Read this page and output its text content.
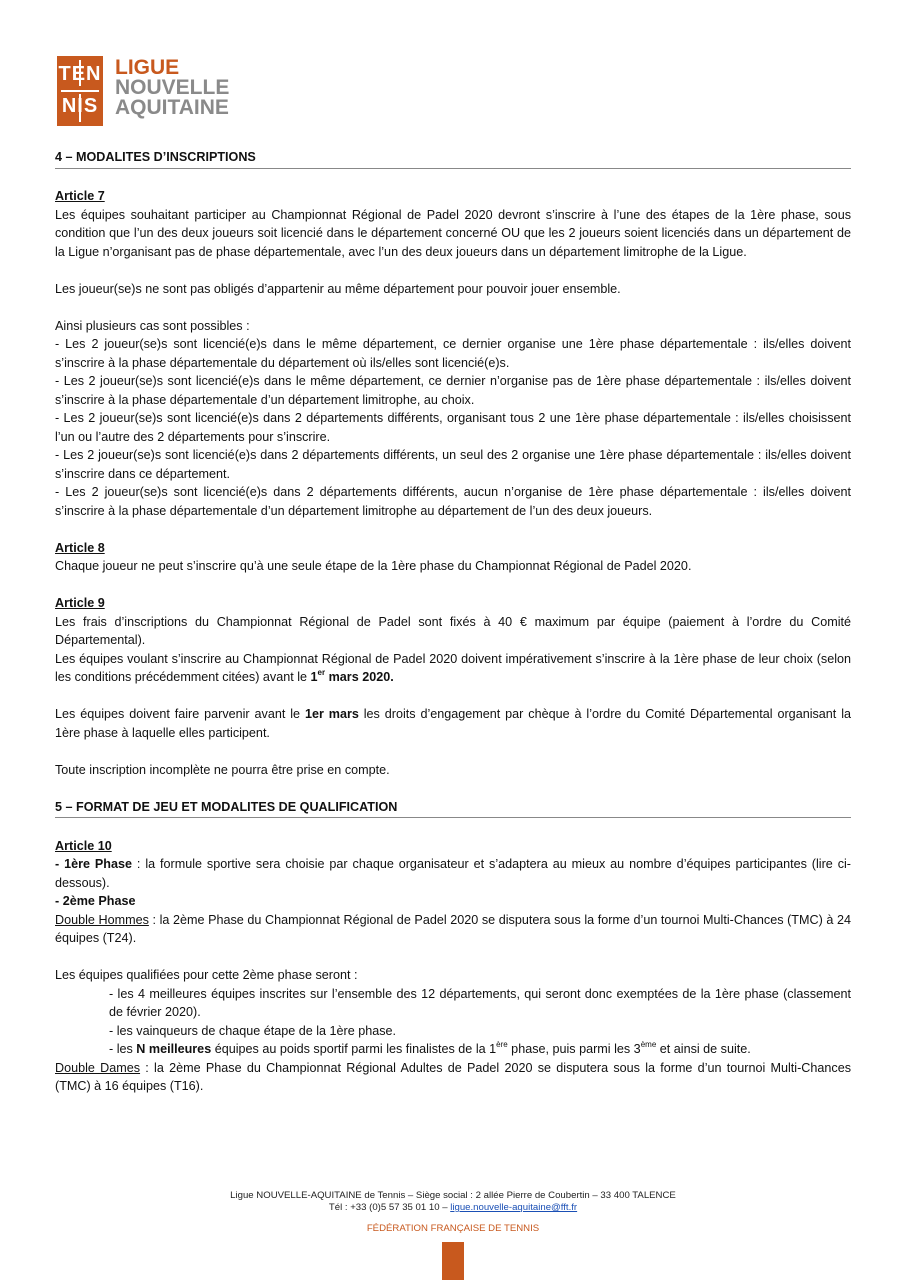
TEN
NIS
LIGUE
NOUVELLE
AQUITAINE

4 – MODALITES D’INSCRIPTIONS

Article 7

Les équipes souhaitant participer au Championnat Régional de Padel 2020 devront s’inscrire à l’une des étapes de la 1ère phase, sous condition que l’un des deux joueurs soit licencié dans le département concerné OU que les 2 joueurs soient licenciés dans un département de la Ligue n’organisant pas de phase départementale, avec l’un des deux joueurs dans un département limitrophe de la Ligue.

Les joueur(se)s ne sont pas obligés d’appartenir au même département pour pouvoir jouer ensemble.

Ainsi plusieurs cas sont possibles :

- Les 2 joueur(se)s sont licencié(e)s dans le même département, ce dernier organise une 1ère phase départementale : ils/elles doivent s’inscrire à la phase départementale du département où ils/elles sont licencié(e)s.

- Les 2 joueur(se)s sont licencié(e)s dans le même département, ce dernier n’organise pas de 1ère phase départementale : ils/elles doivent s’inscrire à la phase départementale d’un département limitrophe, au choix.

- Les 2 joueur(se)s sont licencié(e)s dans 2 départements différents, organisant tous 2 une 1ère phase départementale : ils/elles choisissent l’un ou l’autre des 2 départements pour s’inscrire.

- Les 2 joueur(se)s sont licencié(e)s dans 2 départements différents, un seul des 2 organise une 1ère phase départementale : ils/elles doivent s’inscrire dans ce département.

- Les 2 joueur(se)s sont licencié(e)s dans 2 départements différents, aucun n’organise de 1ère phase départementale : ils/elles doivent s’inscrire à la phase départementale d’un département limitrophe au département de l’un des deux joueurs.

Article 8

Chaque joueur ne peut s’inscrire qu’à une seule étape de la 1ère phase du Championnat Régional de Padel 2020.

Article 9

Les frais d’inscriptions du Championnat Régional de Padel sont fixés à 40 € maximum par équipe (paiement à l’ordre du Comité Départemental).

Les équipes voulant s’inscrire au Championnat Régional de Padel 2020 doivent impérativement s’inscrire à la 1ère phase de leur choix (selon les conditions précédemment citées) avant le 1er mars 2020.

Les équipes doivent faire parvenir avant le 1er mars les droits d’engagement par chèque à l’ordre du Comité Départemental organisant la 1ère phase à laquelle elles participent.

Toute inscription incomplète ne pourra être prise en compte.

5 – FORMAT DE JEU ET MODALITES DE QUALIFICATION

Article 10

- 1ère Phase : la formule sportive sera choisie par chaque organisateur et s’adaptera au mieux au nombre d’équipes participantes (lire ci-dessous).

- 2ème Phase

Double Hommes : la 2ème Phase du Championnat Régional de Padel 2020 se disputera sous la forme d’un tournoi Multi-Chances (TMC) à 24 équipes (T24).

Les équipes qualifiées pour cette 2ème phase seront :

- les 4 meilleures équipes inscrites sur l’ensemble des 12 départements, qui seront donc exemptées de la 1ère phase (classement de février 2020).

- les vainqueurs de chaque étape de la 1ère phase.

- les N meilleures équipes au poids sportif parmi les finalistes de la 1ère phase, puis parmi les 3ème et ainsi de suite.

Double Dames : la 2ème Phase du Championnat Régional Adultes de Padel 2020 se disputera sous la forme d’un tournoi Multi-Chances (TMC) à 16 équipes (T16).

Ligue NOUVELLE-AQUITAINE de Tennis – Siège social : 2 allée Pierre de Coubertin – 33 400 TALENCE
Tél : +33 (0)5 57 35 01 10 – ligue.nouvelle-aquitaine@fft.fr
FÉDÉRATION FRANÇAISE DE TENNIS
